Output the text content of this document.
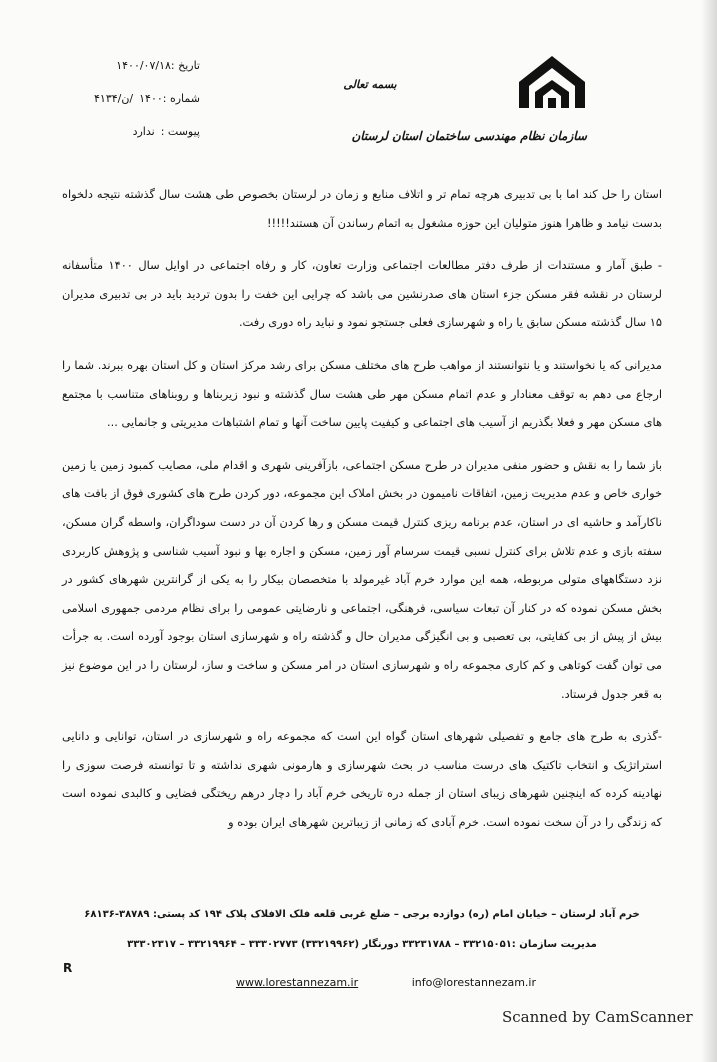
تاریخ :۱۴۰۰/۰۷/۱۸
شماره :۱۴۰۰/ن/۴۱۳۴
پیوست :ندارد
بسمه تعالی
سازمان نظام مهندسی ساختمان استان لرستان

استان را حل کند اما با بی تدبیری هرچه تمام تر و اتلاف منابع و زمان در لرستان بخصوص طی هشت سال گذشته نتیجه دلخواه بدست نیامد و ظاهرا هنوز متولیان این حوزه مشغول به اتمام رساندن آن هستند!!!!!

- طبق آمار و مستندات از طرف دفتر مطالعات اجتماعی وزارت تعاون، کار و رفاه اجتماعی در اوایل سال ۱۴۰۰ متأسفانه لرستان در نقشه فقر مسکن جزء استان های صدرنشین می باشد که چرایی این خفت را بدون تردید باید در بی تدبیری مدیران ۱۵ سال گذشته مسکن سابق یا راه و شهرسازی فعلی جستجو نمود و نباید راه دوری رفت.

مدیرانی که یا نخواستند و یا نتوانستند از مواهب طرح های مختلف مسکن برای رشد مرکز استان و کل استان بهره ببرند. شما را ارجاع می دهم به توقف معنادار و عدم اتمام مسکن مهر طی هشت سال گذشته و نبود زیربناها و روبناهای متناسب با مجتمع های مسکن مهر و فعلا بگذریم از آسیب های اجتماعی و کیفیت پایین ساخت آنها و تمام اشتباهات مدیریتی و جانمایی ...

باز شما را به نقش و حضور منفی مدیران در طرح مسکن اجتماعی، بازآفرینی شهری و اقدام ملی، مصایب کمبود زمین یا زمین خواری خاص و عدم مدیریت زمین، اتفاقات نامیمون در بخش املاک این مجموعه، دور کردن طرح های کشوری فوق از بافت های ناکارآمد و حاشیه ای در استان، عدم برنامه ریزی کنترل قیمت مسکن و رها کردن آن در دست سوداگران، واسطه گران مسکن، سفته بازی و عدم تلاش برای کنترل نسبی قیمت سرسام آور زمین، مسکن و اجاره بها و نبود آسیب شناسی و پژوهش کاربردی نزد دستگاههای متولی مربوطه، همه این موارد خرم آباد غیرمولد با متخصصان بیکار را به یکی از گرانترین شهرهای کشور در بخش مسکن نموده که در کنار آن تبعات سیاسی، فرهنگی، اجتماعی و نارضایتی عمومی را برای نظام مردمی جمهوری اسلامی بیش از پیش از بی کفایتی، بی تعصبی و بی انگیزگی مدیران حال و گذشته راه و شهرسازی استان بوجود آورده است. به جرأت می توان گفت کوتاهی و کم کاری مجموعه راه و شهرسازی استان در امر مسکن و ساخت و ساز، لرستان را در این موضوع نیز به قعر جدول فرستاد.

-گذری به طرح های جامع و تفصیلی شهرهای استان گواه این است که مجموعه راه و شهرسازی در استان، توانایی و دانایی استراتژیک و انتخاب تاکتیک های درست مناسب در بحث شهرسازی و هارمونی شهری نداشته و تا توانسته فرصت سوزی را نهادینه کرده که اینچنین شهرهای زیبای استان از جمله دره تاریخی خرم آباد را دچار درهم ریختگی فضایی و کالبدی نموده است که زندگی را در آن سخت نموده است. خرم آبادی که زمانی از زیباترین شهرهای ایران بوده و

خرم آباد لرستان – خیابان امام (ره) دوازده برجی – ضلع غربی قلعه فلک الافلاک پلاک ۱۹۴ کد پستی: ۳۸۷۸۹-۶۸۱۳۶
مدیریت سازمان :۳۳۲۱۵۰۵۱ – ۳۳۲۳۱۷۸۸ دورنگار (۳۳۲۱۹۹۶۲) ۳۳۳۰۲۷۷۳ – ۳۳۲۱۹۹۶۴ – ۳۳۳۰۲۳۱۷
R
www.lorestannezam.ir	info@lorestannezam.ir
Scanned by CamScanner
